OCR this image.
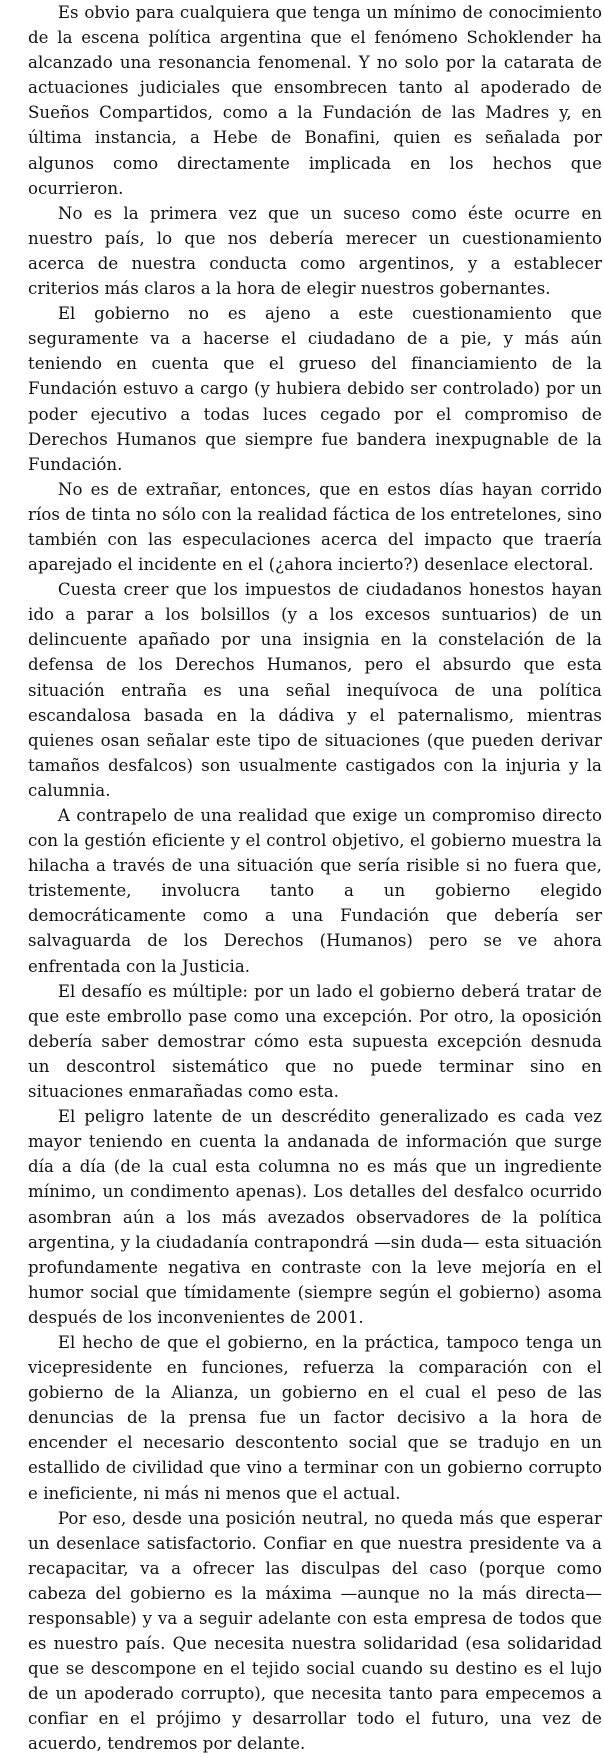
Es obvio para cualquiera que tenga un mínimo de conocimiento de la escena política argentina que el fenómeno Schoklender ha alcanzado una resonancia fenomenal. Y no solo por la catarata de actuaciones judiciales que ensombrecen tanto al apoderado de Sueños Compartidos, como a la Fundación de las Madres y, en última instancia, a Hebe de Bonafini, quien es señalada por algunos como directamente implicada en los hechos que ocurrieron.

No es la primera vez que un suceso como éste ocurre en nuestro país, lo que nos debería merecer un cuestionamiento acerca de nuestra conducta como argentinos, y a establecer criterios más claros a la hora de elegir nuestros gobernantes.

El gobierno no es ajeno a este cuestionamiento que seguramente va a hacerse el ciudadano de a pie, y más aún teniendo en cuenta que el grueso del financiamiento de la Fundación estuvo a cargo (y hubiera debido ser controlado) por un poder ejecutivo a todas luces cegado por el compromiso de Derechos Humanos que siempre fue bandera inexpugnable de la Fundación.

No es de extrañar, entonces, que en estos días hayan corrido ríos de tinta no sólo con la realidad fáctica de los entretelones, sino también con las especulaciones acerca del impacto que traería aparejado el incidente en el (¿ahora incierto?) desenlace electoral.

Cuesta creer que los impuestos de ciudadanos honestos hayan ido a parar a los bolsillos (y a los excesos suntuarios) de un delincuente apañado por una insignia en la constelación de la defensa de los Derechos Humanos, pero el absurdo que esta situación entraña es una señal inequívoca de una política escandalosa basada en la dádiva y el paternalismo, mientras quienes osan señalar este tipo de situaciones (que pueden derivar tamaños desfalcos) son usualmente castigados con la injuria y la calumnia.

A contrapelo de una realidad que exige un compromiso directo con la gestión eficiente y el control objetivo, el gobierno muestra la hilacha a través de una situación que sería risible si no fuera que, tristemente, involucra tanto a un gobierno elegido democráticamente como a una Fundación que debería ser salvaguarda de los Derechos (Humanos) pero se ve ahora enfrentada con la Justicia.

El desafío es múltiple: por un lado el gobierno deberá tratar de que este embrollo pase como una excepción. Por otro, la oposición debería saber demostrar cómo esta supuesta excepción desnuda un descontrol sistemático que no puede terminar sino en situaciones enmarañadas como esta.

El peligro latente de un descrédito generalizado es cada vez mayor teniendo en cuenta la andanada de información que surge día a día (de la cual esta columna no es más que un ingrediente mínimo, un condimento apenas). Los detalles del desfalco ocurrido asombran aún a los más avezados observadores de la política argentina, y la ciudadanía contrapondrá —sin duda— esta situación profundamente negativa en contraste con la leve mejoría en el humor social que tímidamente (siempre según el gobierno) asoma después de los inconvenientes de 2001.

El hecho de que el gobierno, en la práctica, tampoco tenga un vicepresidente en funciones, refuerza la comparación con el gobierno de la Alianza, un gobierno en el cual el peso de las denuncias de la prensa fue un factor decisivo a la hora de encender el necesario descontento social que se tradujo en un estallido de civilidad que vino a terminar con un gobierno corrupto e ineficiente, ni más ni menos que el actual.

Por eso, desde una posición neutral, no queda más que esperar un desenlace satisfactorio. Confiar en que nuestra presidente va a recapacitar, va a ofrecer las disculpas del caso (porque como cabeza del gobierno es la máxima —aunque no la más directa— responsable) y va a seguir adelante con esta empresa de todos que es nuestro país. Que necesita nuestra solidaridad (esa solidaridad que se descompone en el tejido social cuando su destino es el lujo de un apoderado corrupto), que necesita tanto para empecemos a confiar en el prójimo y desarrollar todo el futuro, una vez de acuerdo, tendremos por delante.
